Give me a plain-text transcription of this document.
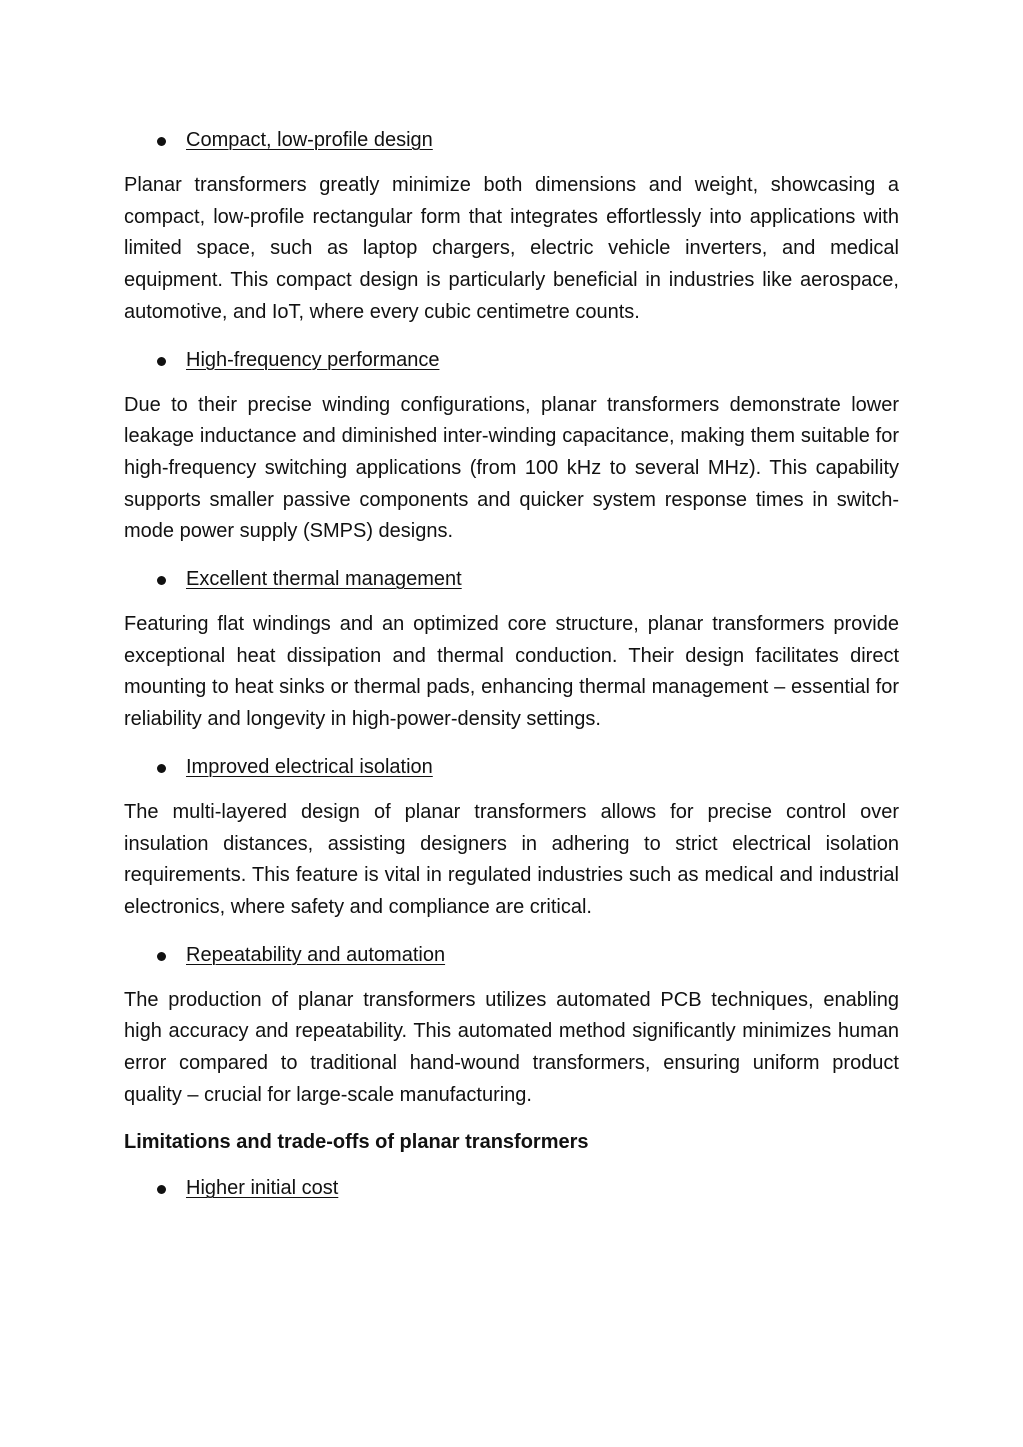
Compact, low-profile design

Planar transformers greatly minimize both dimensions and weight, showcasing a compact, low-profile rectangular form that integrates effortlessly into applications with limited space, such as laptop chargers, electric vehicle inverters, and medical equipment. This compact design is particularly beneficial in industries like aerospace, automotive, and IoT, where every cubic centimetre counts.

High-frequency performance

Due to their precise winding configurations, planar transformers demonstrate lower leakage inductance and diminished inter-winding capacitance, making them suitable for high-frequency switching applications (from 100 kHz to several MHz). This capability supports smaller passive components and quicker system response times in switch-mode power supply (SMPS) designs.

Excellent thermal management

Featuring flat windings and an optimized core structure, planar transformers provide exceptional heat dissipation and thermal conduction. Their design facilitates direct mounting to heat sinks or thermal pads, enhancing thermal management – essential for reliability and longevity in high-power-density settings.

Improved electrical isolation

The multi-layered design of planar transformers allows for precise control over insulation distances, assisting designers in adhering to strict electrical isolation requirements. This feature is vital in regulated industries such as medical and industrial electronics, where safety and compliance are critical.

Repeatability and automation

The production of planar transformers utilizes automated PCB techniques, enabling high accuracy and repeatability. This automated method significantly minimizes human error compared to traditional hand-wound transformers, ensuring uniform product quality – crucial for large-scale manufacturing.

Limitations and trade-offs of planar transformers
Higher initial cost
